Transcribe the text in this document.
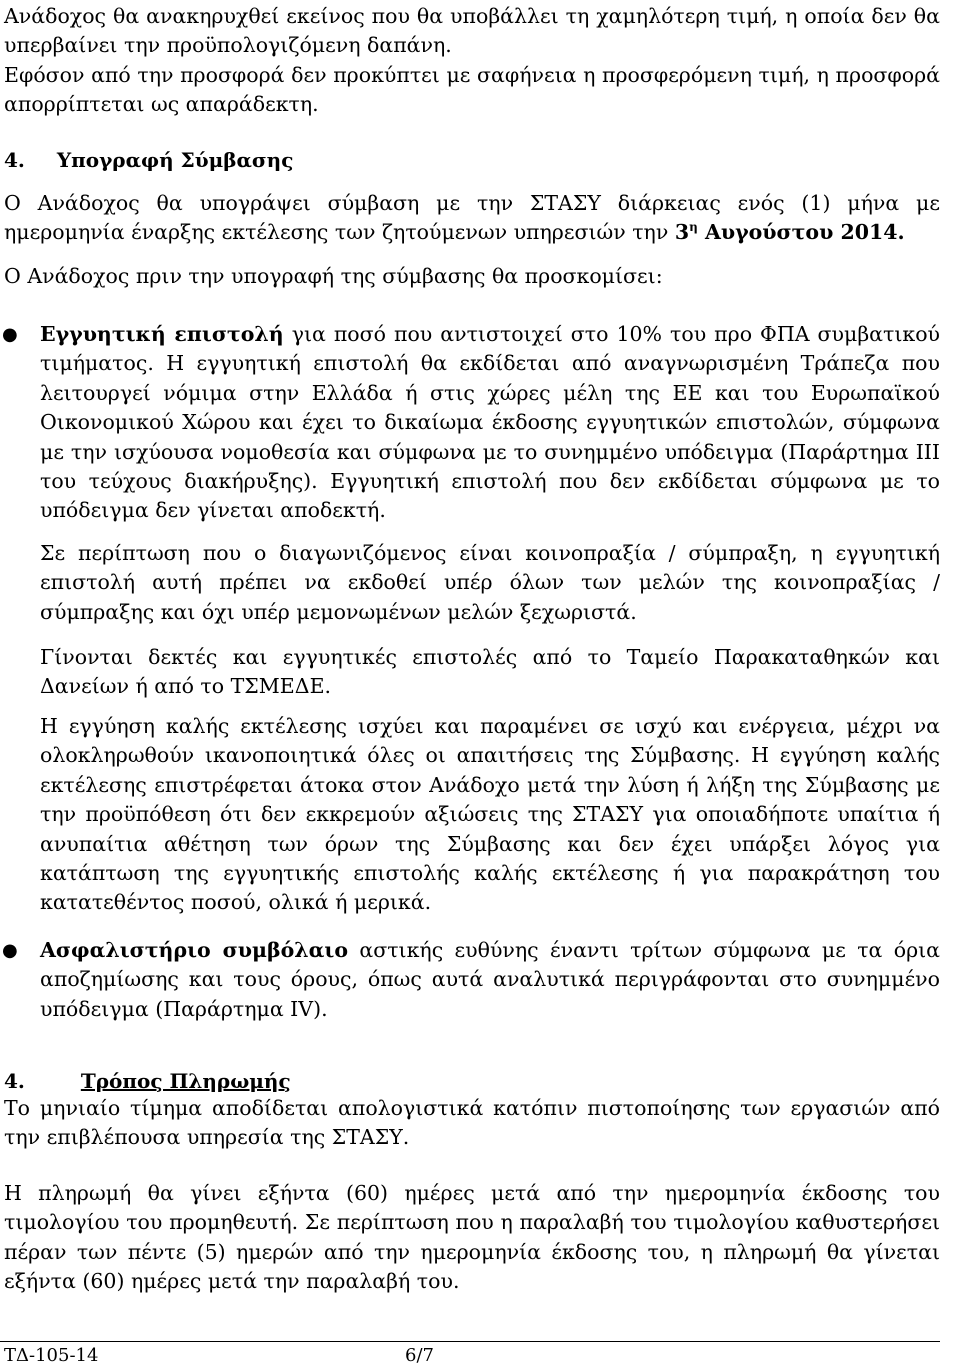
Ανάδοχος θα ανακηρυχθεί εκείνος που θα υποβάλλει τη χαμηλότερη τιμή, η οποία δεν θα υπερβαίνει την προϋπολογιζόμενη δαπάνη.
Εφόσον από την προσφορά δεν προκύπτει με σαφήνεια η προσφερόμενη τιμή, η προσφορά απορρίπτεται ως απαράδεκτη.
4. Υπογραφή Σύμβασης
Ο Ανάδοχος θα υπογράψει σύμβαση με την ΣΤΑΣΥ διάρκειας ενός (1) μήνα με ημερομηνία έναρξης εκτέλεσης των ζητούμενων υπηρεσιών την $3^\eta$ Αυγούστου 2014.
Ο Ανάδοχος πριν την υπογραφή της σύμβασης θα προσκομίσει:
● Εγγυητική επιστολή για ποσό που αντιστοιχεί στο 10% του προ ΦΠΑ συμβατικού τιμήματος. Η εγγυητική επιστολή θα εκδίδεται από αναγνωρισμένη Τράπεζα που λειτουργεί νόμιμα στην Ελλάδα ή στις χώρες μέλη της ΕΕ και του Ευρωπαϊκού Οικονομικού Χώρου και έχει το δικαίωμα έκδοσης εγγυητικών επιστολών, σύμφωνα με την ισχύουσα νομοθεσία και σύμφωνα με το συνημμένο υπόδειγμα (Παράρτημα ΙΙΙ του τεύχους διακήρυξης). Εγγυητική επιστολή που δεν εκδίδεται σύμφωνα με το υπόδειγμα δεν γίνεται αποδεκτή.
Σε περίπτωση που ο διαγωνιζόμενος είναι κοινοπραξία / σύμπραξη, η εγγυητική επιστολή αυτή πρέπει να εκδοθεί υπέρ όλων των μελών της κοινοπραξίας / σύμπραξης και όχι υπέρ μεμονωμένων μελών ξεχωριστά.
Γίνονται δεκτές και εγγυητικές επιστολές από το Ταμείο Παρακαταθηκών και Δανείων ή από το ΤΣΜΕΔΕ.
Η εγγύηση καλής εκτέλεσης ισχύει και παραμένει σε ισχύ και ενέργεια, μέχρι να ολοκληρωθούν ικανοποιητικά όλες οι απαιτήσεις της Σύμβασης. Η εγγύηση καλής εκτέλεσης επιστρέφεται άτοκα στον Ανάδοχο μετά την λύση ή λήξη της Σύμβασης με την προϋπόθεση ότι δεν εκκρεμούν αξιώσεις της ΣΤΑΣΥ για οποιαδήποτε υπαίτια ή ανυπαίτια αθέτηση των όρων της Σύμβασης και δεν έχει υπάρξει λόγος για κατάπτωση της εγγυητικής επιστολής καλής εκτέλεσης ή για παρακράτηση του κατατεθέντος ποσού, ολικά ή μερικά.
● Ασφαλιστήριο συμβόλαιο αστικής ευθύνης έναντι τρίτων σύμφωνα με τα όρια αποζημίωσης και τους όρους, όπως αυτά αναλυτικά περιγράφονται στο συνημμένο υπόδειγμα (Παράρτημα ΙV).
4.	Τρόπος Πληρωμής
Το μηνιαίο τίμημα αποδίδεται απολογιστικά κατόπιν πιστοποίησης των εργασιών από την επιβλέπουσα υπηρεσία της ΣΤΑΣΥ.
Η πληρωμή θα γίνει εξήντα (60) ημέρες μετά από την ημερομηνία έκδοσης του τιμολογίου του προμηθευτή. Σε περίπτωση που η παραλαβή του τιμολογίου καθυστερήσει πέραν των πέντε (5) ημερών από την ημερομηνία έκδοσης του, η πληρωμή θα γίνεται εξήντα (60) ημέρες μετά την παραλαβή του.
ΤΔ-105-14	6/7
